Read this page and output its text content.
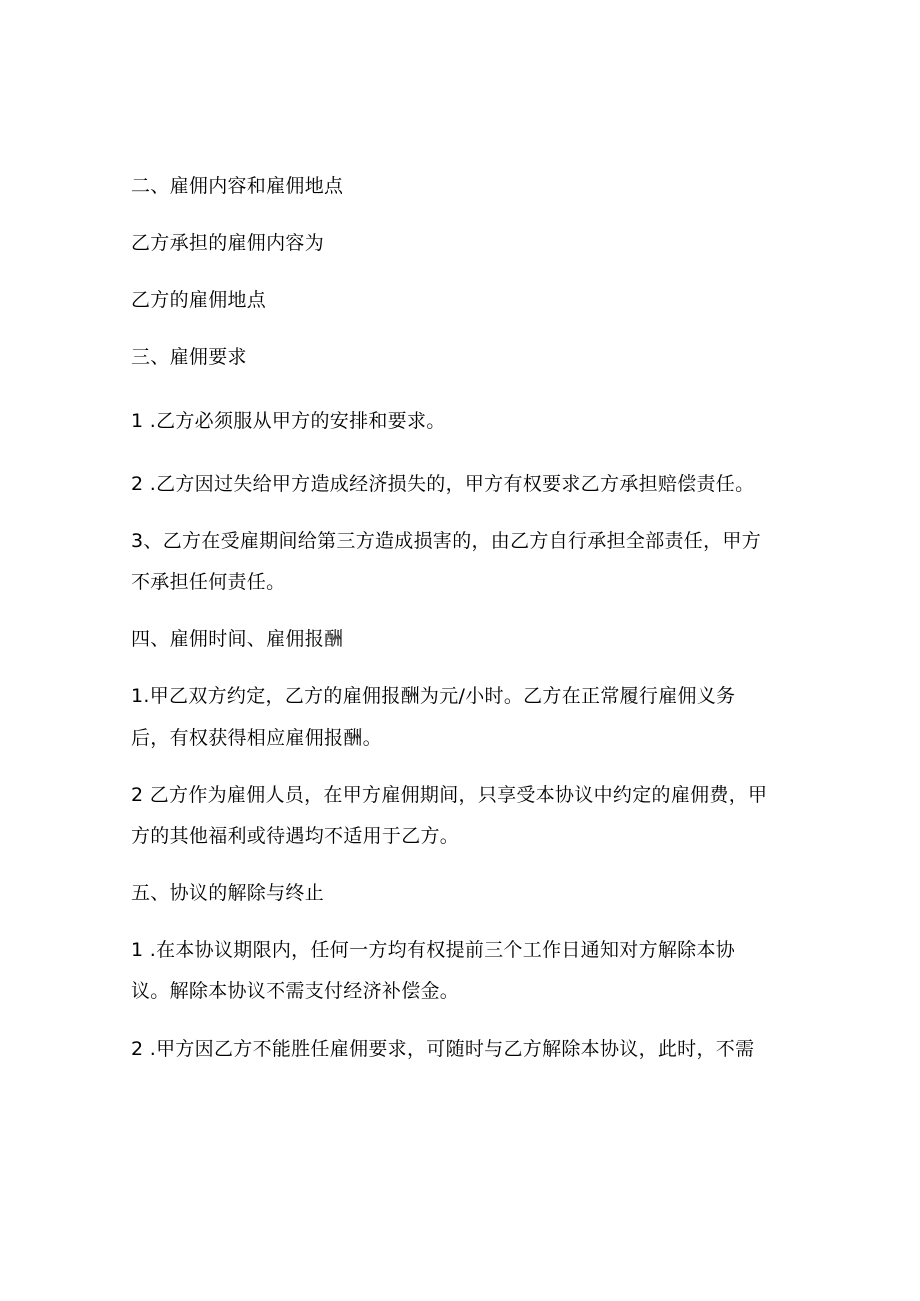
二、雇佣内容和雇佣地点
乙方承担的雇佣内容为
乙方的雇佣地点
三、雇佣要求
1 .乙方必须服从甲方的安排和要求。
2 .乙方因过失给甲方造成经济损失的，甲方有权要求乙方承担赔偿责任。
3、乙方在受雇期间给第三方造成损害的，由乙方自行承担全部责任，甲方
不承担任何责任。
四、雇佣时间、雇佣报酬
1.甲乙双方约定，乙方的雇佣报酬为元/小时。乙方在正常履行雇佣义务
后，有权获得相应雇佣报酬。
2 乙方作为雇佣人员，在甲方雇佣期间，只享受本协议中约定的雇佣费，甲
方的其他福利或待遇均不适用于乙方。
五、协议的解除与终止
1 .在本协议期限内，任何一方均有权提前三个工作日通知对方解除本协
议。解除本协议不需支付经济补偿金。
2 .甲方因乙方不能胜任雇佣要求，可随时与乙方解除本协议，此时，不需
